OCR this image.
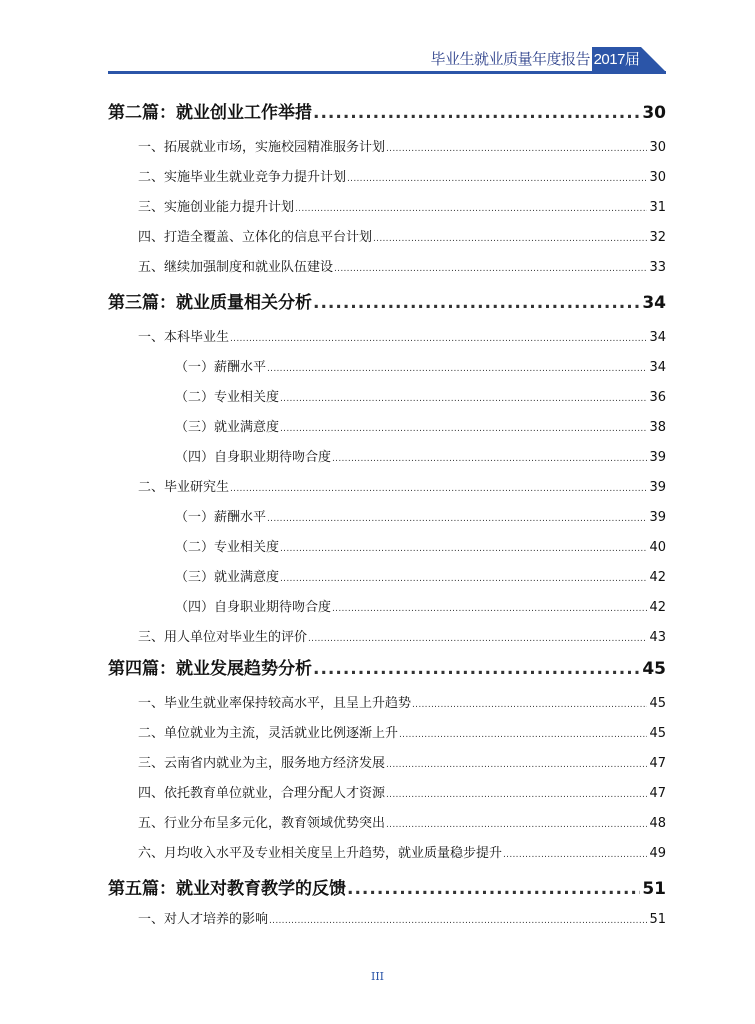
毕业生就业质量年度报告 2017届
第二篇：就业创业工作举措 .....	30
一、拓展就业市场，实施校园精准服务计划 .....	30
二、实施毕业生就业竞争力提升计划 .....	30
三、实施创业能力提升计划 .....	31
四、打造全覆盖、立体化的信息平台计划 .....	32
五、继续加强制度和就业队伍建设 .....	33
第三篇：就业质量相关分析 .....	34
一、本科毕业生 .....	34
（一）薪酬水平 .....	34
（二）专业相关度 .....	36
（三）就业满意度 .....	38
（四）自身职业期待吻合度 .....	39
二、毕业研究生 .....	39
（一）薪酬水平 .....	39
（二）专业相关度 .....	40
（三）就业满意度 .....	42
（四）自身职业期待吻合度 .....	42
三、用人单位对毕业生的评价 .....	43
第四篇：就业发展趋势分析 .....	45
一、毕业生就业率保持较高水平，且呈上升趋势 .....	45
二、单位就业为主流，灵活就业比例逐渐上升 .....	45
三、云南省内就业为主，服务地方经济发展 .....	47
四、依托教育单位就业，合理分配人才资源 .....	47
五、行业分布呈多元化，教育领域优势突出 .....	48
六、月均收入水平及专业相关度呈上升趋势，就业质量稳步提升 .....	49
第五篇：就业对教育教学的反馈 .....	51
一、对人才培养的影响 .....	51
III
